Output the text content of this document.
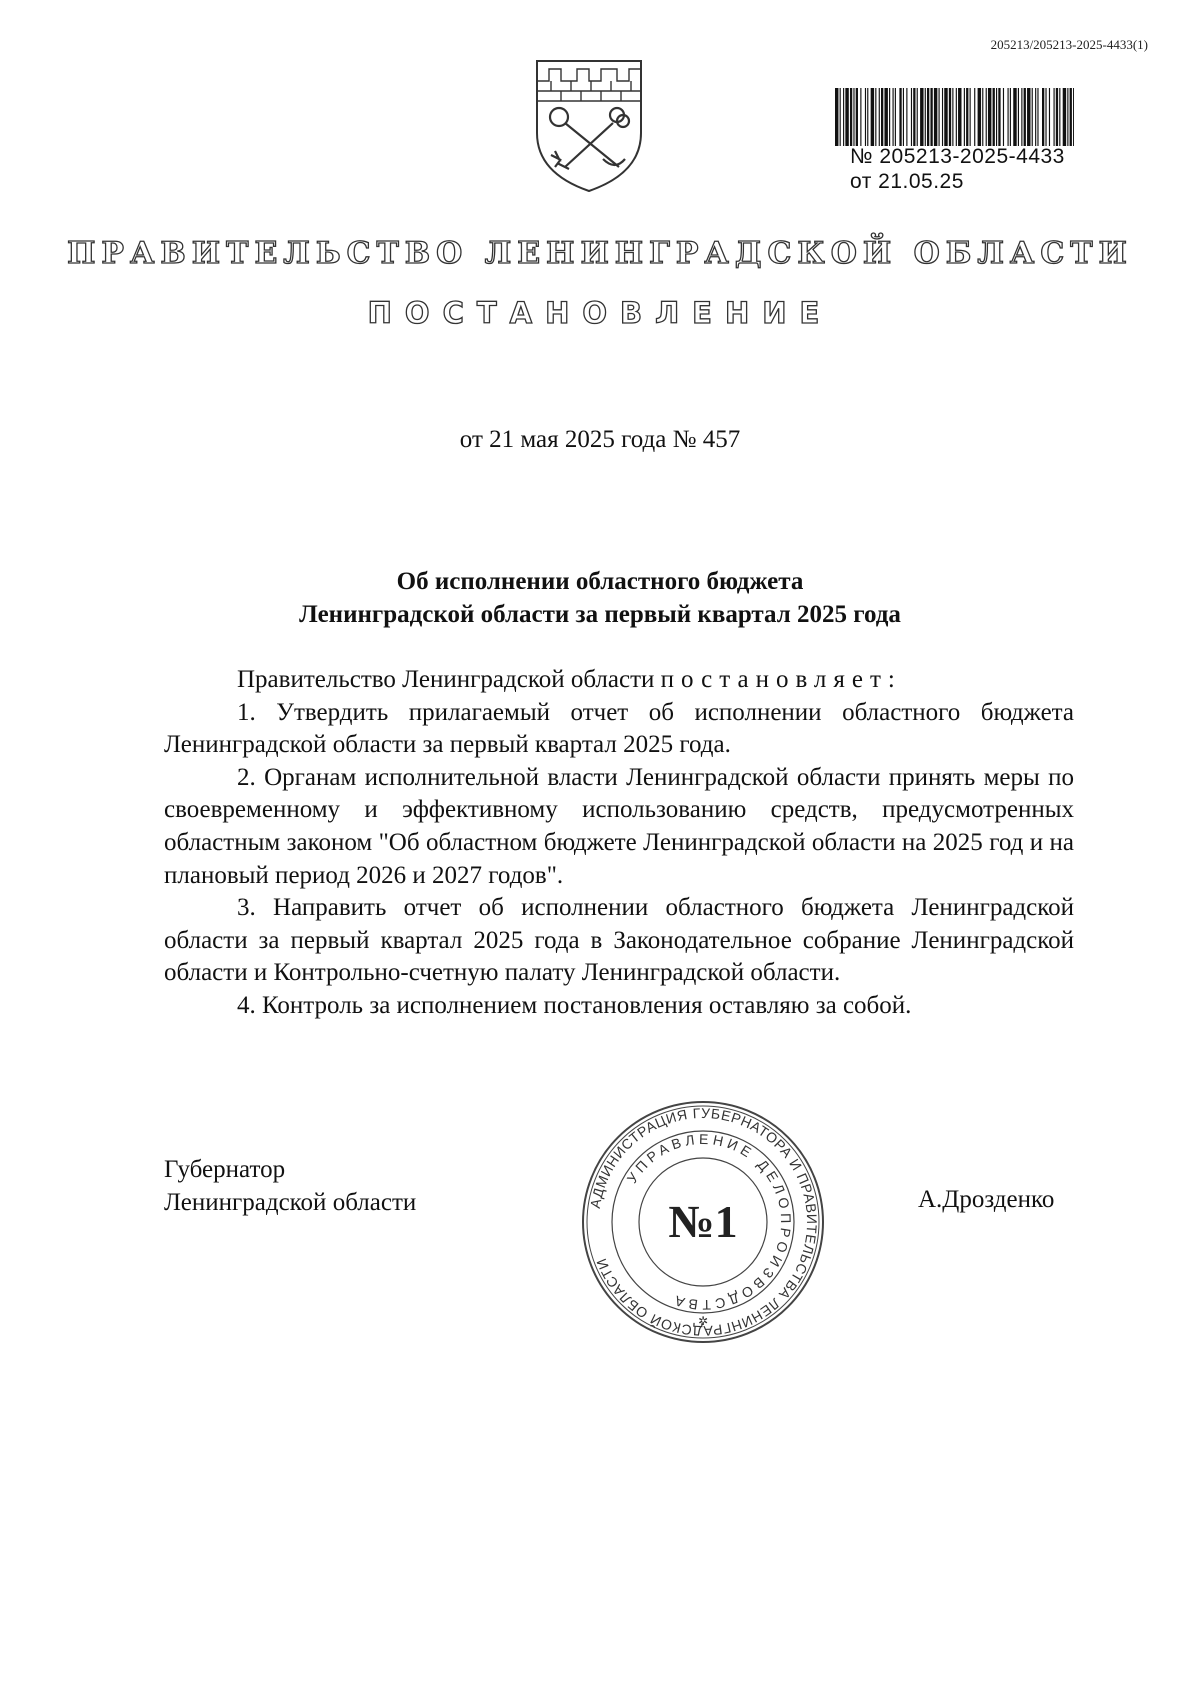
205213/205213-2025-4433(1)
№ 205213-2025-4433
от 21.05.25
ПРАВИТЕЛЬСТВО ЛЕНИНГРАДСКОЙ ОБЛАСТИ
ПОСТАНОВЛЕНИЕ
от 21 мая 2025 года № 457
Об исполнении областного бюджета
Ленинградской области за первый квартал 2025 года

Правительство Ленинградской области постановляет:

1. Утвердить прилагаемый отчет об исполнении областного бюджета Ленинградской области за первый квартал 2025 года.

2. Органам исполнительной власти Ленинградской области принять меры по своевременному и эффективному использованию средств, предусмотренных областным законом "Об областном бюджете Ленинградской области на 2025 год и на плановый период 2026 и 2027 годов".

3. Направить отчет об исполнении областного бюджета Ленинградской области за первый квартал 2025 года в Законодательное собрание Ленинградской области и Контрольно-счетную палату Ленинградской области.

4. Контроль за исполнением постановления оставляю за собой.

Губернатор
Ленинградской области	А.Дрозденко
АДМИНИСТРАЦИЯ ГУБЕРНАТОРА И ПРАВИТЕЛЬСТВА ЛЕНИНГРАДСКОЙ ОБЛАСТИ
УПРАВЛЕНИЕ ДЕЛОПРОИЗВОДСТВА
№1
✲
